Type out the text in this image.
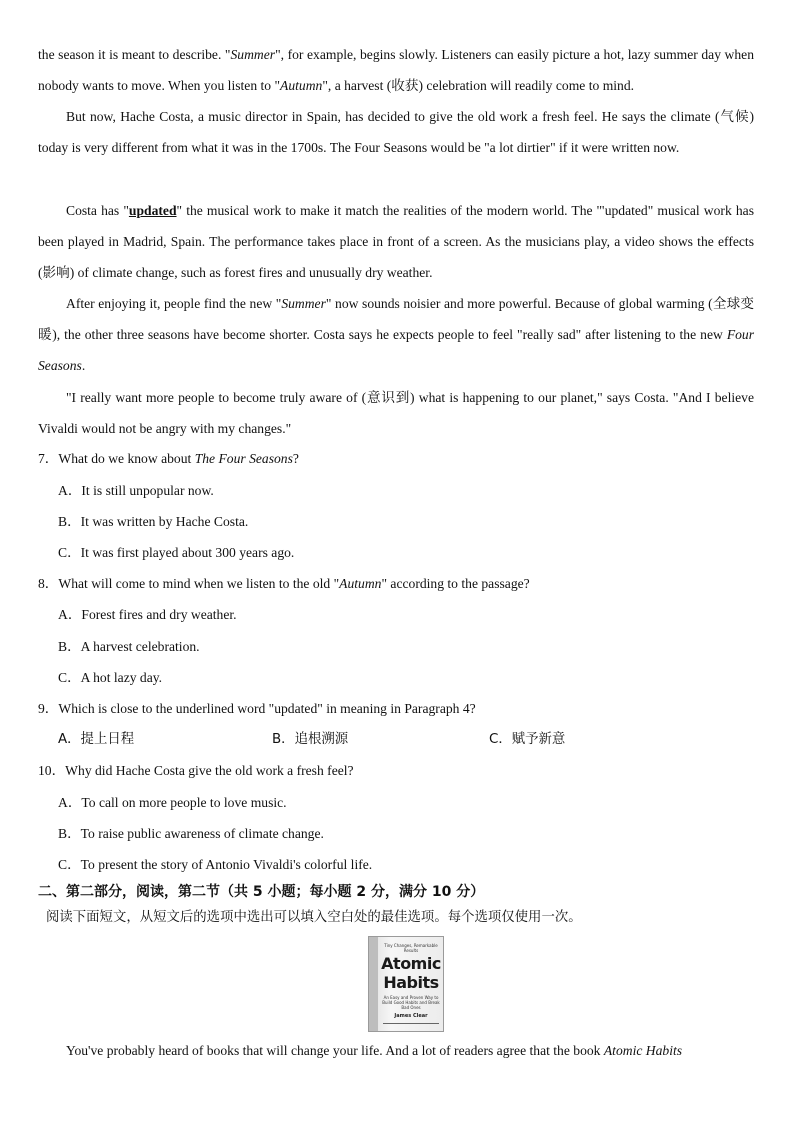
the season it is meant to describe. "Summer", for example, begins slowly. Listeners can easily picture a hot, lazy summer day when nobody wants to move. When you listen to "Autumn", a harvest (收获) celebration will readily come to mind.
But now, Hache Costa, a music director in Spain, has decided to give the old work a fresh feel. He says the climate (气候) today is very different from what it was in the 1700s. The Four Seasons would be "a lot dirtier" if it were written now.
Costa has "updated" the musical work to make it match the realities of the modern world. The '"updated" musical work has been played in Madrid, Spain. The performance takes place in front of a screen. As the musicians play, a video shows the effects (影响) of climate change, such as forest fires and unusually dry weather.
After enjoying it, people find the new "Summer" now sounds noisier and more powerful. Because of global warming (全球变暖), the other three seasons have become shorter. Costa says he expects people to feel "really sad" after listening to the new Four Seasons.
"I really want more people to become truly aware of (意识到) what is happening to our planet," says Costa. "And I believe Vivaldi would not be angry with my changes."
7．What do we know about The Four Seasons?
A．It is still unpopular now.
B．It was written by Hache Costa.
C．It was first played about 300 years ago.
8．What will come to mind when we listen to the old "Autumn" according to the passage?
A．Forest fires and dry weather.
B．A harvest celebration.
C．A hot lazy day.
9．Which is close to the underlined word "updated" in meaning in Paragraph 4?
A．提上日程	B．追根溯源	C．赋予新意
10．Why did Hache Costa give the old work a fresh feel?
A．To call on more people to love music.
B．To raise public awareness of climate change.
C．To present the story of Antonio Vivaldi's colorful life.
二、第二部分，阅读，第二节（共 5 小题；每小题 2 分，满分 10 分）
阅读下面短文，从短文后的选项中选出可以填入空白处的最佳选项。每个选项仅使用一次。
Tiny Changes, Remarkable Results
Atomic
Habits
An Easy and Proven Way to Build Good Habits and Break Bad Ones
James Clear
You've probably heard of books that will change your life. And a lot of readers agree that the book Atomic Habits
